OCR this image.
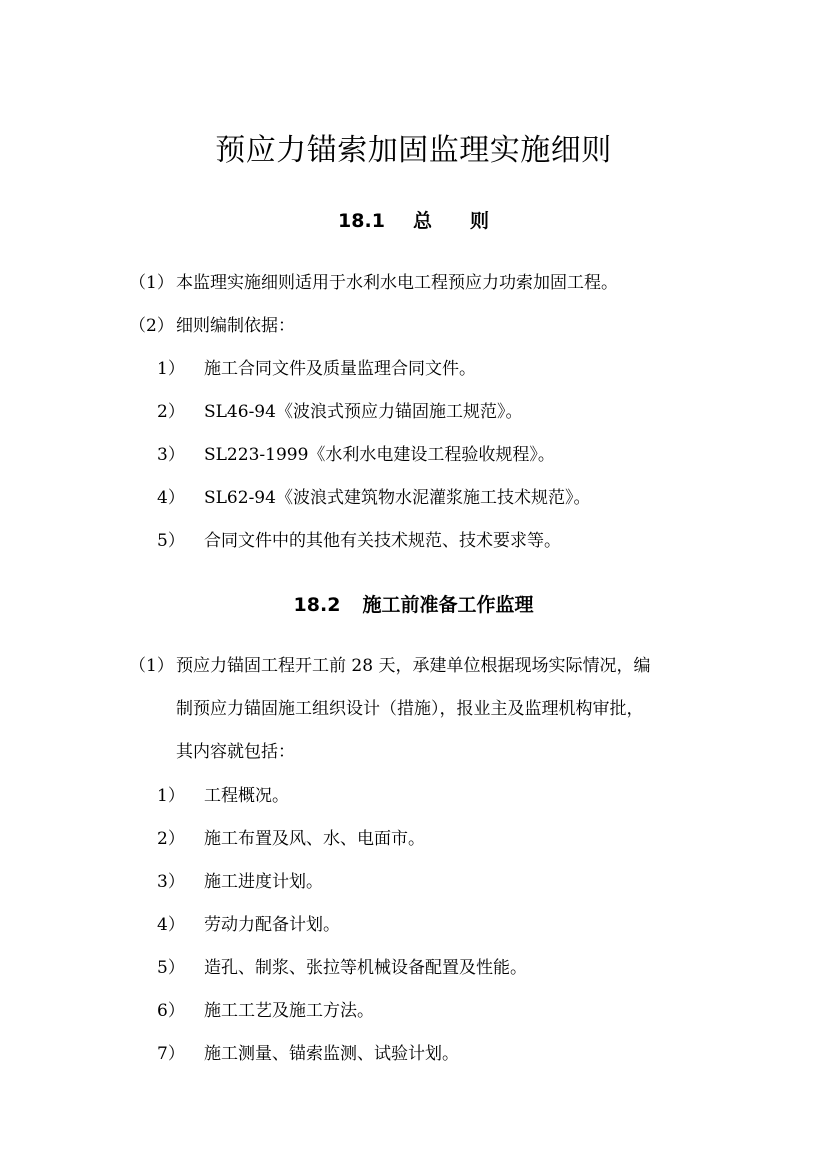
预应力锚索加固监理实施细则
18.1 总　　则
（1） 本监理实施细则适用于水利水电工程预应力功索加固工程。
（2） 细则编制依据：
1） 施工合同文件及质量监理合同文件。
2） SL46-94《波浪式预应力锚固施工规范》。
3） SL223-1999《水利水电建设工程验收规程》。
4） SL62-94《波浪式建筑物水泥灌浆施工技术规范》。
5） 合同文件中的其他有关技术规范、技术要求等。
18.2 施工前准备工作监理
（1） 预应力锚固工程开工前 28 天，承建单位根据现场实际情况，编
制预应力锚固施工组织设计（措施），报业主及监理机构审批，
其内容就包括：
1） 工程概况。
2） 施工布置及风、水、电面市。
3） 施工进度计划。
4） 劳动力配备计划。
5） 造孔、制浆、张拉等机械设备配置及性能。
6） 施工工艺及施工方法。
7） 施工测量、锚索监测、试验计划。
